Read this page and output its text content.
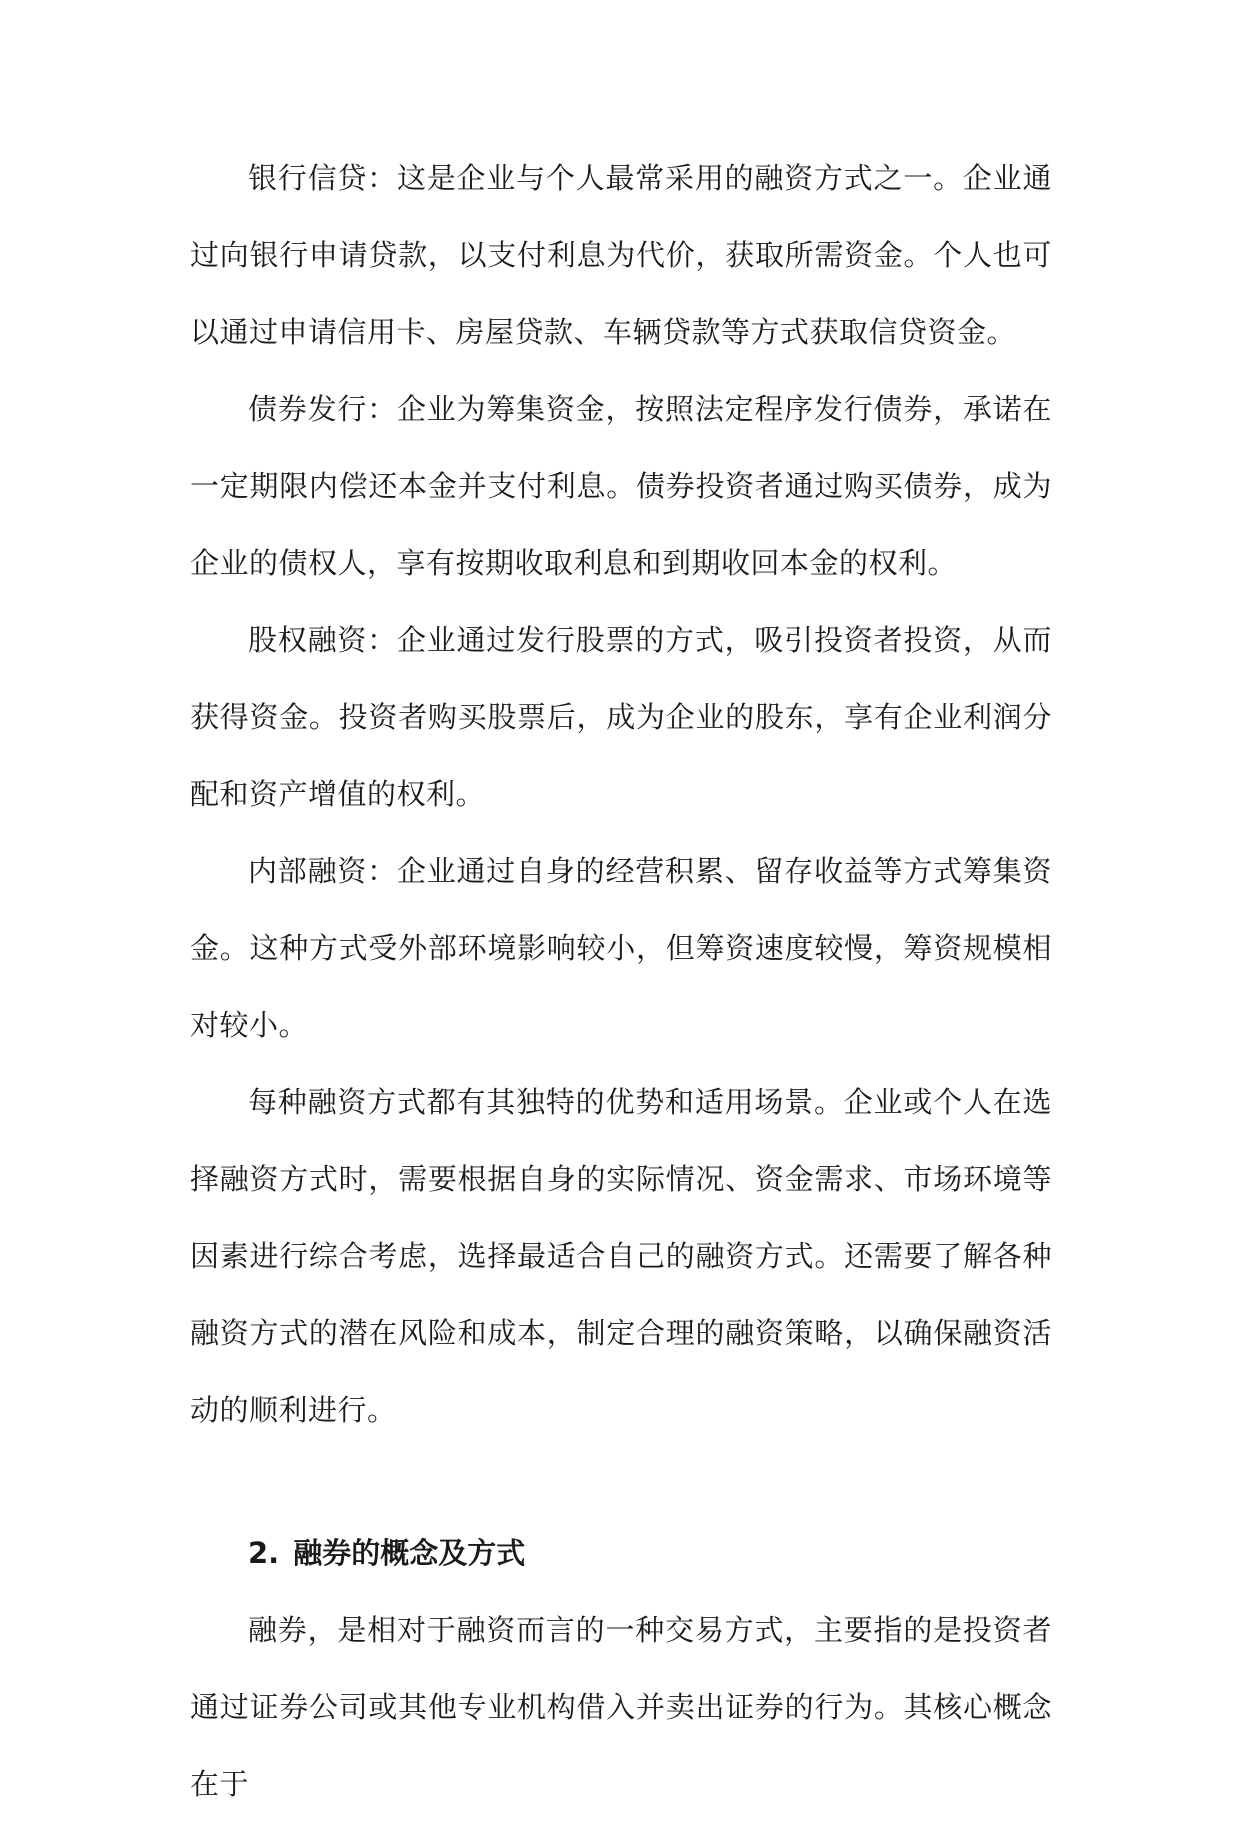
银行信贷：这是企业与个人最常采用的融资方式之一。企业通过向银行申请贷款，以支付利息为代价，获取所需资金。个人也可以通过申请信用卡、房屋贷款、车辆贷款等方式获取信贷资金。

债券发行：企业为筹集资金，按照法定程序发行债券，承诺在一定期限内偿还本金并支付利息。债券投资者通过购买债券，成为企业的债权人，享有按期收取利息和到期收回本金的权利。

股权融资：企业通过发行股票的方式，吸引投资者投资，从而获得资金。投资者购买股票后，成为企业的股东，享有企业利润分配和资产增值的权利。

内部融资：企业通过自身的经营积累、留存收益等方式筹集资金。这种方式受外部环境影响较小，但筹资速度较慢，筹资规模相对较小。

每种融资方式都有其独特的优势和适用场景。企业或个人在选择融资方式时，需要根据自身的实际情况、资金需求、市场环境等因素进行综合考虑，选择最适合自己的融资方式。还需要了解各种融资方式的潜在风险和成本，制定合理的融资策略，以确保融资活动的顺利进行。

2. 融券的概念及方式

融券，是相对于融资而言的一种交易方式，主要指的是投资者通过证券公司或其他专业机构借入并卖出证券的行为。其核心概念在于
